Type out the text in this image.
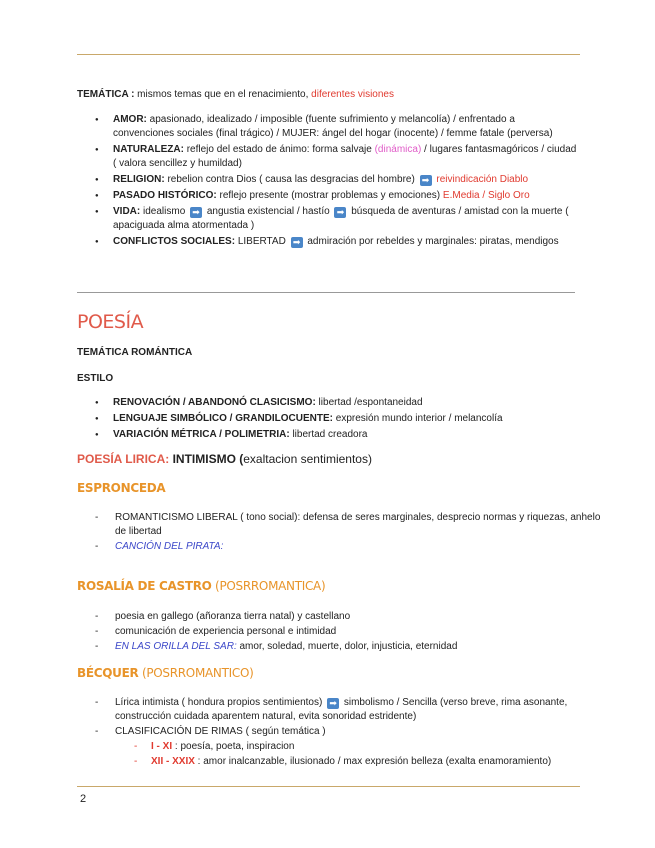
TEMÁTICA : mismos temas que en el renacimiento, diferentes visiones
● AMOR: apasionado, idealizado / imposible (fuente sufrimiento y melancolía) / enfrentado a convenciones sociales (final trágico) / MUJER: ángel del hogar (inocente) / femme fatale (perversa)
● NATURALEZA: reflejo del estado de ánimo: forma salvaje (dinámica) / lugares fantasmagóricos / ciudad ( valora sencillez y humildad)
● RELIGION: rebelion contra Dios ( causa las desgracias del hombre) ➡ reivindicación Diablo
● PASADO HISTÓRICO: reflejo presente (mostrar problemas y emociones) E.Media / Siglo Oro
● VIDA: idealismo ➡ angustia existencial / hastío ➡ búsqueda de aventuras / amistad con la muerte ( apaciguada alma atormentada )
● CONFLICTOS SOCIALES: LIBERTAD ➡ admiración por rebeldes y marginales: piratas, mendigos
POESÍA
TEMÁTICA ROMÁNTICA
ESTILO
● RENOVACIÓN / ABANDONÓ CLASICISMO: libertad /espontaneidad
● LENGUAJE SIMBÓLICO / GRANDILOCUENTE: expresión mundo interior / melancolía
● VARIACIÓN MÉTRICA / POLIMETRIA: libertad creadora
POESÍA LIRICA: INTIMISMO (exaltacion sentimientos)
ESPRONCEDA
- ROMANTICISMO LIBERAL ( tono social): defensa de seres marginales, desprecio normas y riquezas, anhelo de libertad
- CANCIÓN DEL PIRATA:
ROSALÍA DE CASTRO (POSRROMANTICA)
- poesia en gallego (añoranza tierra natal) y castellano
- comunicación de experiencia personal e intimidad
- EN LAS ORILLA DEL SAR: amor, soledad, muerte, dolor, injusticia, eternidad
BÉCQUER (POSRROMANTICO)
- Lírica intimista ( hondura propios sentimientos) ➡ simbolismo / Sencilla (verso breve, rima asonante, construcción cuidada aparentem natural, evita sonoridad estridente)
- CLASIFICACIÓN DE RIMAS ( según temática )
- I - XI : poesía, poeta, inspiracion
- XII - XXIX : amor inalcanzable, ilusionado / max expresión belleza (exalta enamoramiento)
2
